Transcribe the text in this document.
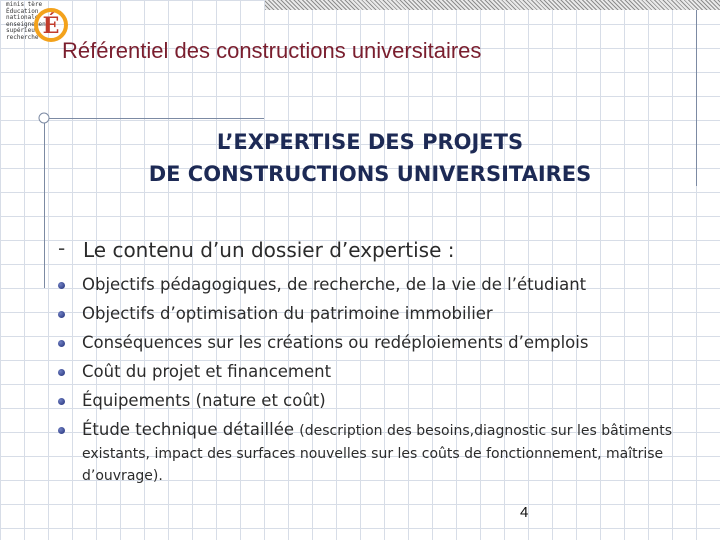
minis tère
Éducation
nationale
enseignement
supérieur
recherche É
Référentiel des constructions universitaires
L’EXPERTISE DES PROJETS
DE CONSTRUCTIONS UNIVERSITAIRES
- Le contenu d’un dossier d’expertise :
Objectifs pédagogiques, de recherche, de la vie de l’étudiant
Objectifs d’optimisation du patrimoine immobilier
Conséquences sur les créations ou redéploiements d’emplois
Coût du projet et financement
Équipements (nature et coût)
Étude technique détaillée (description des besoins,diagnostic sur les bâtiments existants, impact des surfaces nouvelles sur les coûts de fonctionnement, maîtrise d’ouvrage).
4
